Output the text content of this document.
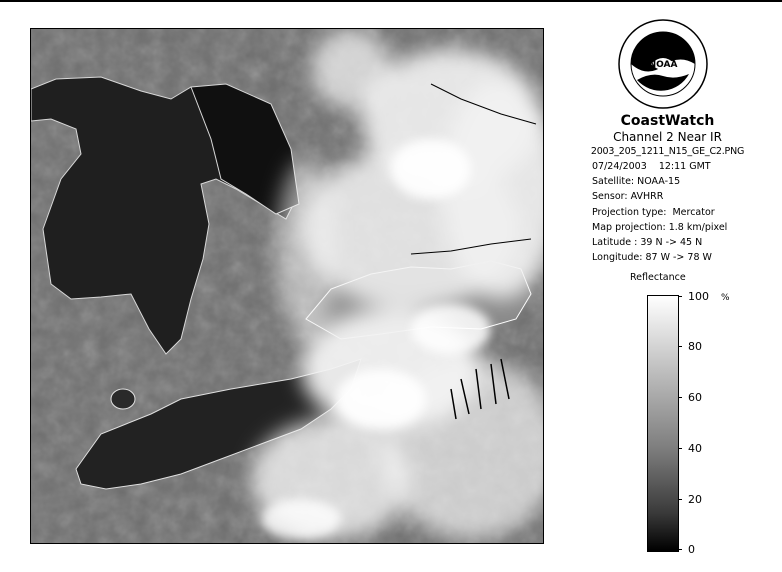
NOAA
CoastWatch
Channel 2 Near IR
2003_205_1211_N15_GE_C2.PNG
07/24/2003    12:11 GMT
Satellite: NOAA-15
Sensor: AVHRR
Projection type:  Mercator
Map projection: 1.8 km/pixel
Latitude : 39 N -> 45 N
Longitude: 87 W -> 78 W
Reflectance
%
100
80
60
40
20
0
